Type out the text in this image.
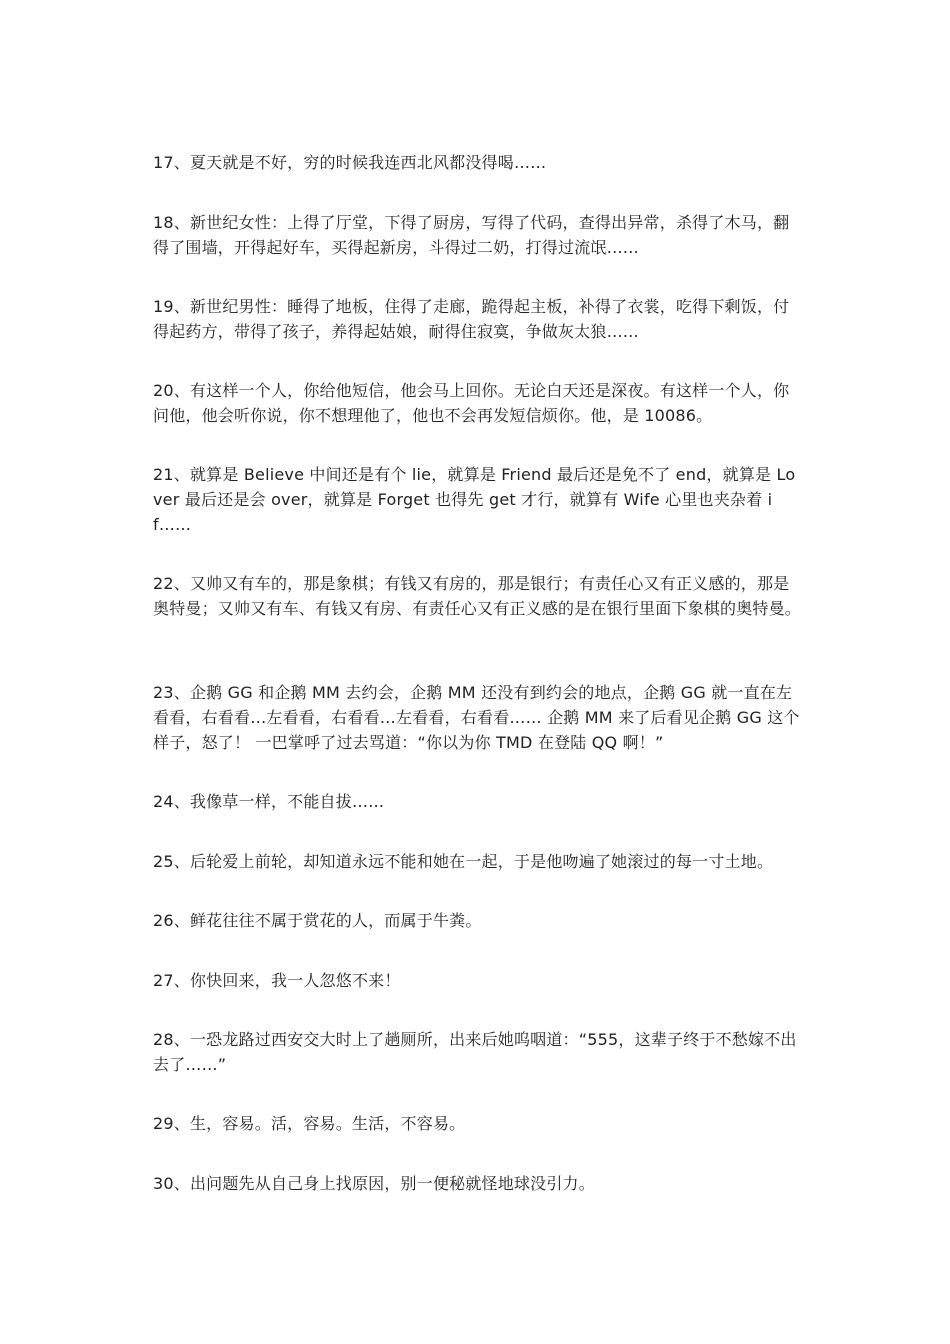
17、夏天就是不好，穷的时候我连西北风都没得喝……

18、新世纪女性：上得了厅堂，下得了厨房，写得了代码，查得出异常，杀得了木马，翻得了围墙，开得起好车，买得起新房，斗得过二奶，打得过流氓……

19、新世纪男性：睡得了地板，住得了走廊，跪得起主板，补得了衣裳，吃得下剩饭，付得起药方，带得了孩子，养得起姑娘，耐得住寂寞，争做灰太狼……

20、有这样一个人，你给他短信，他会马上回你。无论白天还是深夜。有这样一个人，你问他，他会听你说，你不想理他了，他也不会再发短信烦你。他，是 10086。

21、就算是 Believe 中间还是有个 lie，就算是 Friend 最后还是免不了 end，就算是 Lover 最后还是会 over，就算是 Forget 也得先 get 才行，就算有 Wife 心里也夹杂着 if……

22、又帅又有车的，那是象棋；有钱又有房的，那是银行；有责任心又有正义感的，那是奥特曼；又帅又有车、有钱又有房、有责任心又有正义感的是在银行里面下象棋的奥特曼。

23、企鹅 GG 和企鹅 MM 去约会，企鹅 MM 还没有到约会的地点，企鹅 GG 就一直在左看看，右看看…左看看，右看看…左看看，右看看…… 企鹅 MM 来了后看见企鹅 GG 这个样子，怒了！ 一巴掌呼了过去骂道：“你以为你 TMD 在登陆 QQ 啊！”

24、我像草一样，不能自拔……

25、后轮爱上前轮，却知道永远不能和她在一起，于是他吻遍了她滚过的每一寸土地。

26、鲜花往往不属于赏花的人，而属于牛粪。

27、你快回来，我一人忽悠不来！

28、一恐龙路过西安交大时上了趟厕所，出来后她呜咽道：“555，这辈子终于不愁嫁不出去了……”

29、生，容易。活，容易。生活，不容易。

30、出问题先从自己身上找原因，别一便秘就怪地球没引力。
